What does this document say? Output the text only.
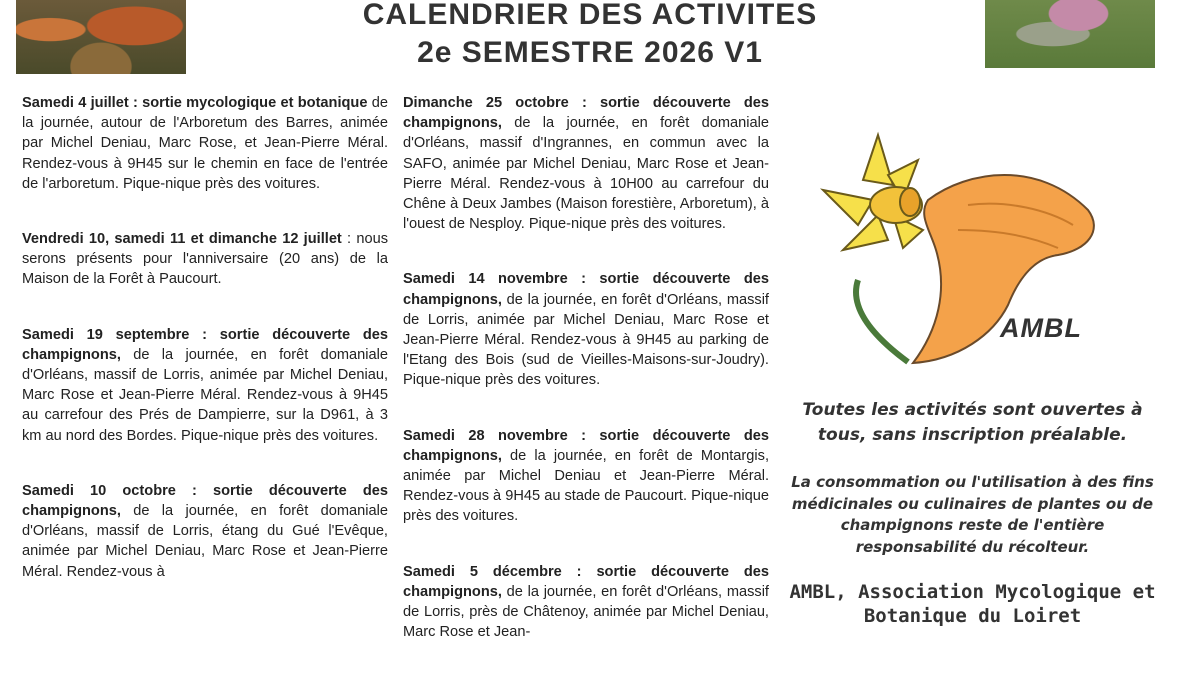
CALENDRIER DES ACTIVITES
2e SEMESTRE 2026 V1

Samedi 4 juillet : sortie mycologique et botanique de la journée, autour de l'Arboretum des Barres, animée par Michel Deniau, Marc Rose, et Jean-Pierre Méral. Rendez-vous à 9H45 sur le chemin en face de l'entrée de l'arboretum. Pique-nique près des voitures.

Vendredi 10, samedi 11 et dimanche 12 juillet : nous serons présents pour l'anniversaire (20 ans) de la Maison de la Forêt à Paucourt.

Samedi 19 septembre : sortie découverte des champignons, de la journée, en forêt domaniale d'Orléans, massif de Lorris, animée par Michel Deniau, Marc Rose et Jean-Pierre Méral. Rendez-vous à 9H45 au carrefour des Prés de Dampierre, sur la D961, à 3 km au nord des Bordes. Pique-nique près des voitures.

Samedi 10 octobre : sortie découverte des champignons, de la journée, en forêt domaniale d'Orléans, massif de Lorris, étang du Gué l'Evêque, animée par Michel Deniau, Marc Rose et Jean-Pierre Méral. Rendez-vous à

Dimanche 25 octobre : sortie découverte des champignons, de la journée, en forêt domaniale d'Orléans, massif d'Ingrannes, en commun avec la SAFO, animée par Michel Deniau, Marc Rose et Jean-Pierre Méral. Rendez-vous à 10H00 au carrefour du Chêne à Deux Jambes (Maison forestière, Arboretum), à l'ouest de Nesploy. Pique-nique près des voitures.

Samedi 14 novembre : sortie découverte des champignons, de la journée, en forêt d'Orléans, massif de Lorris, animée par Michel Deniau, Marc Rose et Jean-Pierre Méral. Rendez-vous à 9H45 au parking de l'Etang des Bois (sud de Vieilles-Maisons-sur-Joudry). Pique-nique près des voitures.

Samedi 28 novembre : sortie découverte des champignons, de la journée, en forêt de Montargis, animée par Michel Deniau et Jean-Pierre Méral. Rendez-vous à 9H45 au stade de Paucourt. Pique-nique près des voitures.

Samedi 5 décembre : sortie découverte des champignons, de la journée, en forêt d'Orléans, massif de Lorris, près de Châtenoy, animée par Michel Deniau, Marc Rose et Jean-

AMBL
Toutes les activités sont ouvertes à tous, sans inscription préalable.
La consommation ou l'utilisation à des fins médicinales ou culinaires de plantes ou de champignons reste de l'entière responsabilité du récolteur.
AMBL, Association Mycologique et Botanique du Loiret
